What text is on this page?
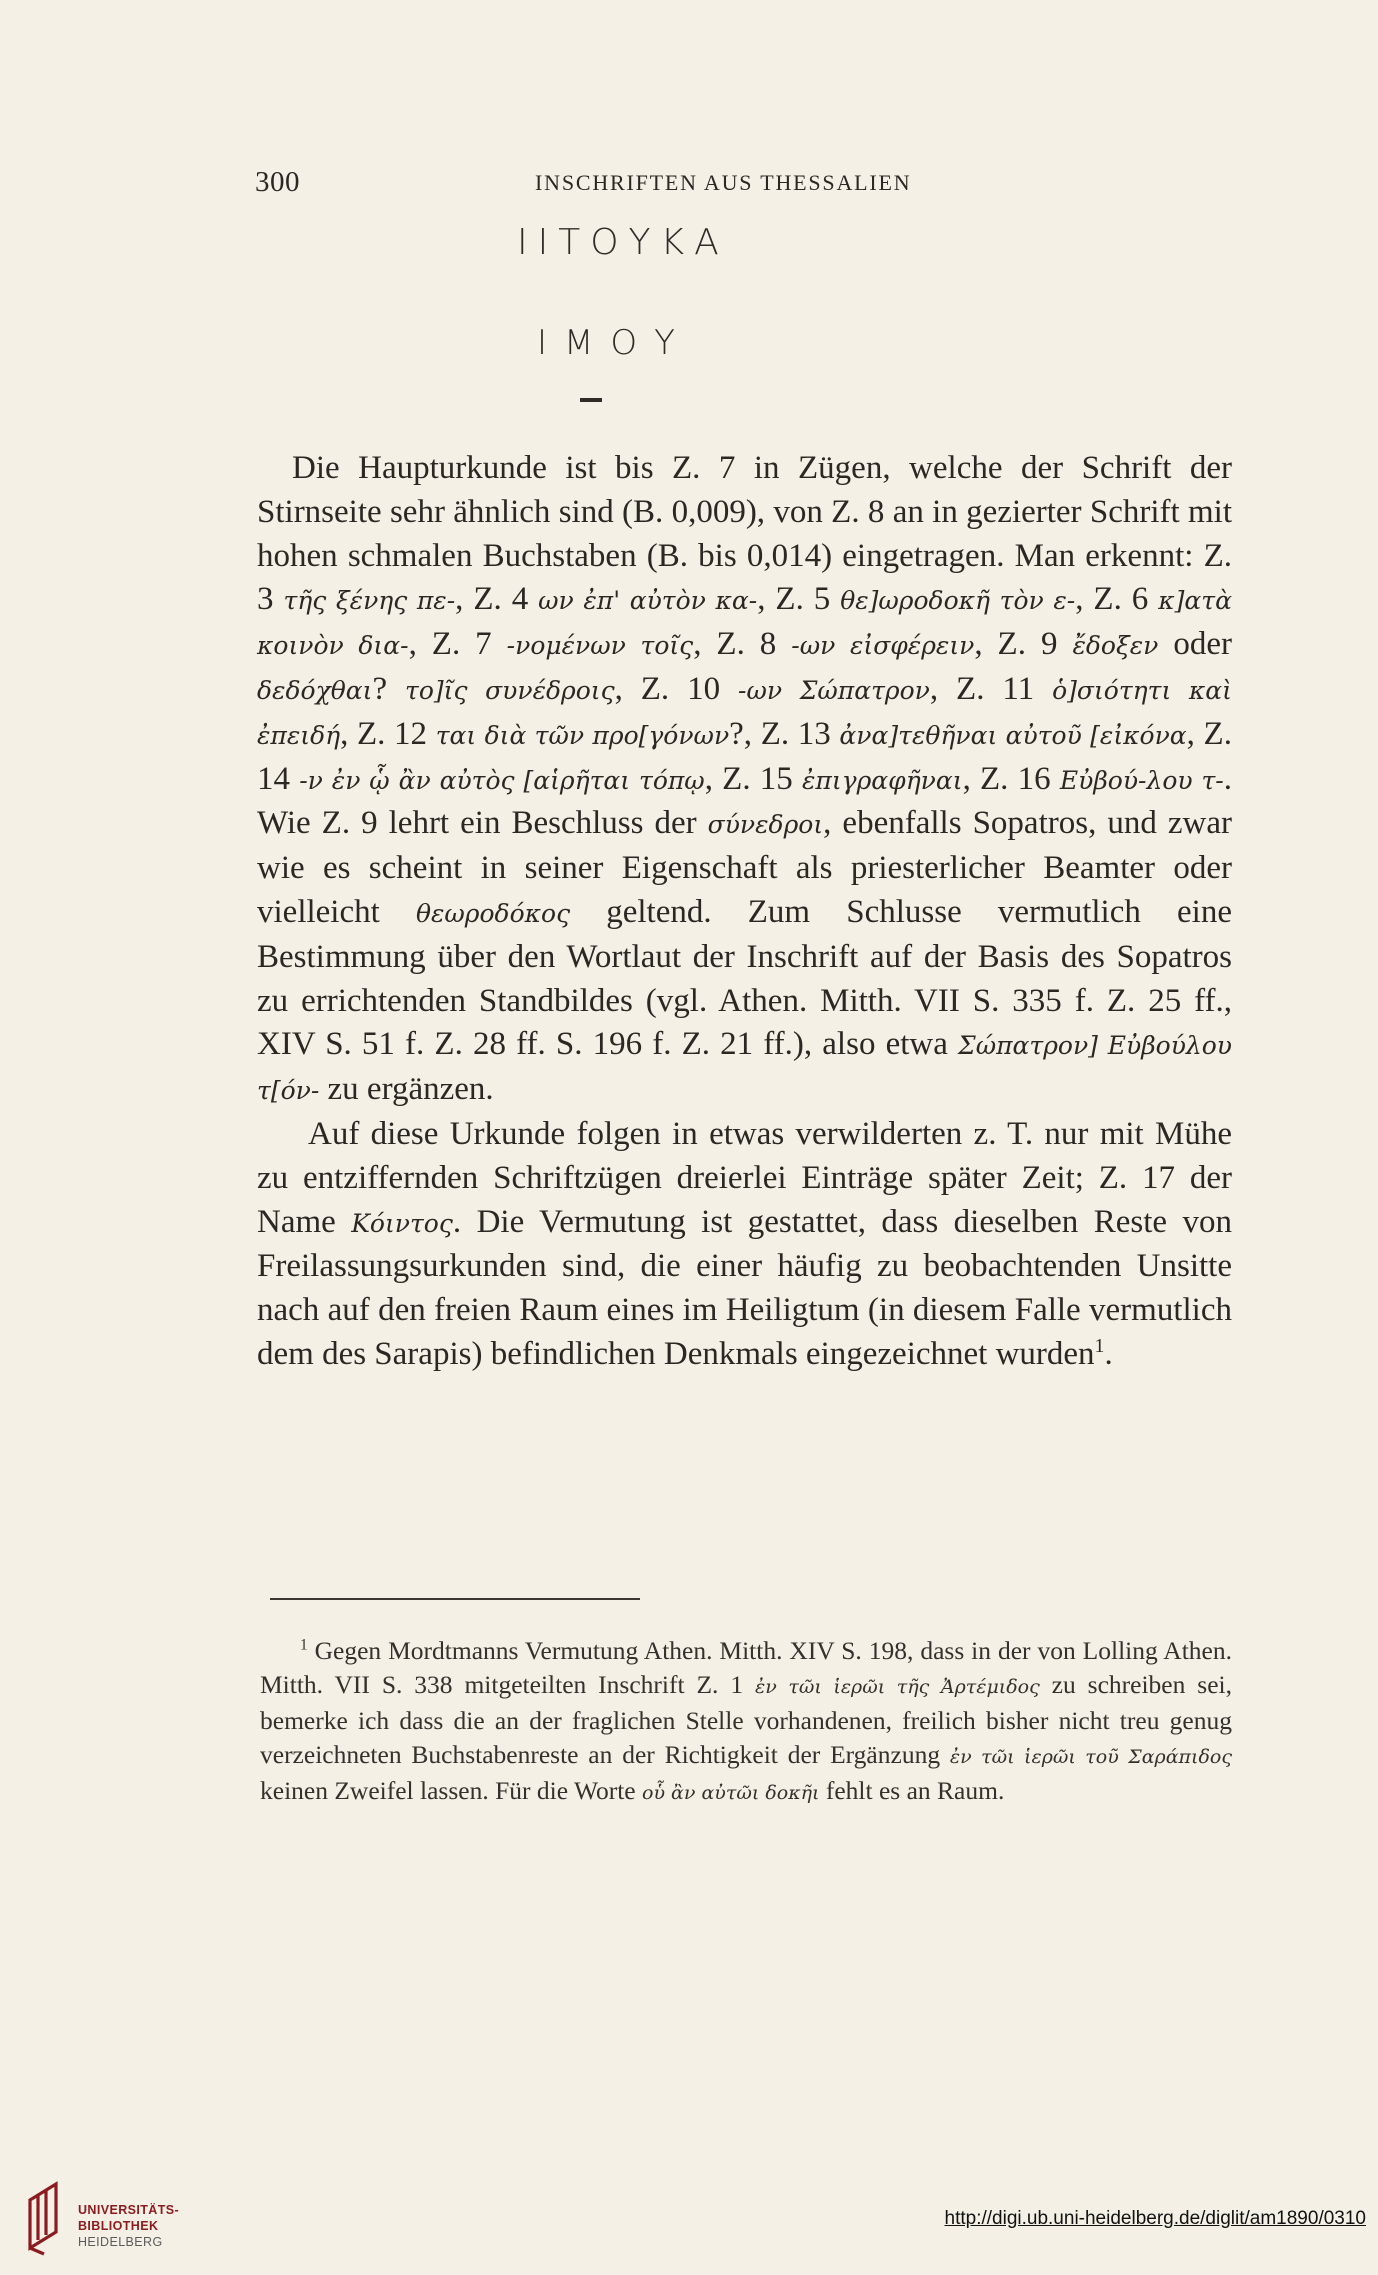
300	INSCHRIFTEN AUS THESSALIEN
ΙΙΤΟΥΚΑ
ΙΜΟΥ

Die Haupturkunde ist bis Z. 7 in Zügen, welche der Schrift der Stirnseite sehr ähnlich sind (B. 0,009), von Z. 8 an in gezierter Schrift mit hohen schmalen Buchstaben (B. bis 0,014) eingetragen. Man erkennt: Z. 3 τῆς ξένης πε-, Z. 4 ων ἐπ' αὐτὸν κα-, Z. 5 θε]ωροδοκῆ τὸν ε-, Z. 6 κ]ατὰ κοινὸν δια-, Z. 7 -νομένων τοῖς, Z. 8 -ων εἰσφέρειν, Z. 9 ἔδοξεν oder δεδόχθαι? το]ῖς συνέδροις, Z. 10 -ων Σώπατρον, Z. 11 ὁ]σιότητι καὶ ἐπειδή, Z. 12 ται διὰ τῶν προ[γόνων?, Z. 13 ἀνα]τεθῆναι αὐτοῦ [εἰκόνα, Z. 14 -ν ἐν ᾧ ἂν αὐτὸς [αἱρῆται τόπῳ, Z. 15 ἐπιγραφῆναι, Z. 16 Εὐβού-λου τ-. Wie Z. 9 lehrt ein Beschluss der σύνεδροι, ebenfalls Sopatros, und zwar wie es scheint in seiner Eigenschaft als priesterlicher Beamter oder vielleicht θεωροδόκος geltend. Zum Schlusse vermutlich eine Bestimmung über den Wortlaut der Inschrift auf der Basis des Sopatros zu errichtenden Standbildes (vgl. Athen. Mitth. VII S. 335 f. Z. 25 ff., XIV S. 51 f. Z. 28 ff. S. 196 f. Z. 21 ff.), also etwa Σώπατρον] Εὐβούλου τ[όν- zu ergänzen.

Auf diese Urkunde folgen in etwas verwilderten z. T. nur mit Mühe zu entziffernden Schriftzügen dreierlei Einträge später Zeit; Z. 17 der Name Κόιντος. Die Vermutung ist gestattet, dass dieselben Reste von Freilassungsurkunden sind, die einer häufig zu beobachtenden Unsitte nach auf den freien Raum eines im Heiligtum (in diesem Falle vermutlich dem des Sarapis) befindlichen Denkmals eingezeichnet wurden$^1$.

$^1$ Gegen Mordtmanns Vermutung Athen. Mitth. XIV S. 198, dass in der von Lolling Athen. Mitth. VII S. 338 mitgeteilten Inschrift Z. 1 ἐν τῶι ἱερῶι τῆς Ἀρτέμιδος zu schreiben sei, bemerke ich dass die an der fraglichen Stelle vorhandenen, freilich bisher nicht treu genug verzeichneten Buchstabenreste an der Richtigkeit der Ergänzung ἐν τῶι ἱερῶι τοῦ Σαράπιδος keinen Zweifel lassen. Für die Worte οὗ ἂν αὐτῶι δοκῆι fehlt es an Raum.

UNIVERSITÄTS-
BIBLIOTHEK
HEIDELBERG
http://digi.ub.uni-heidelberg.de/diglit/am1890/0310
